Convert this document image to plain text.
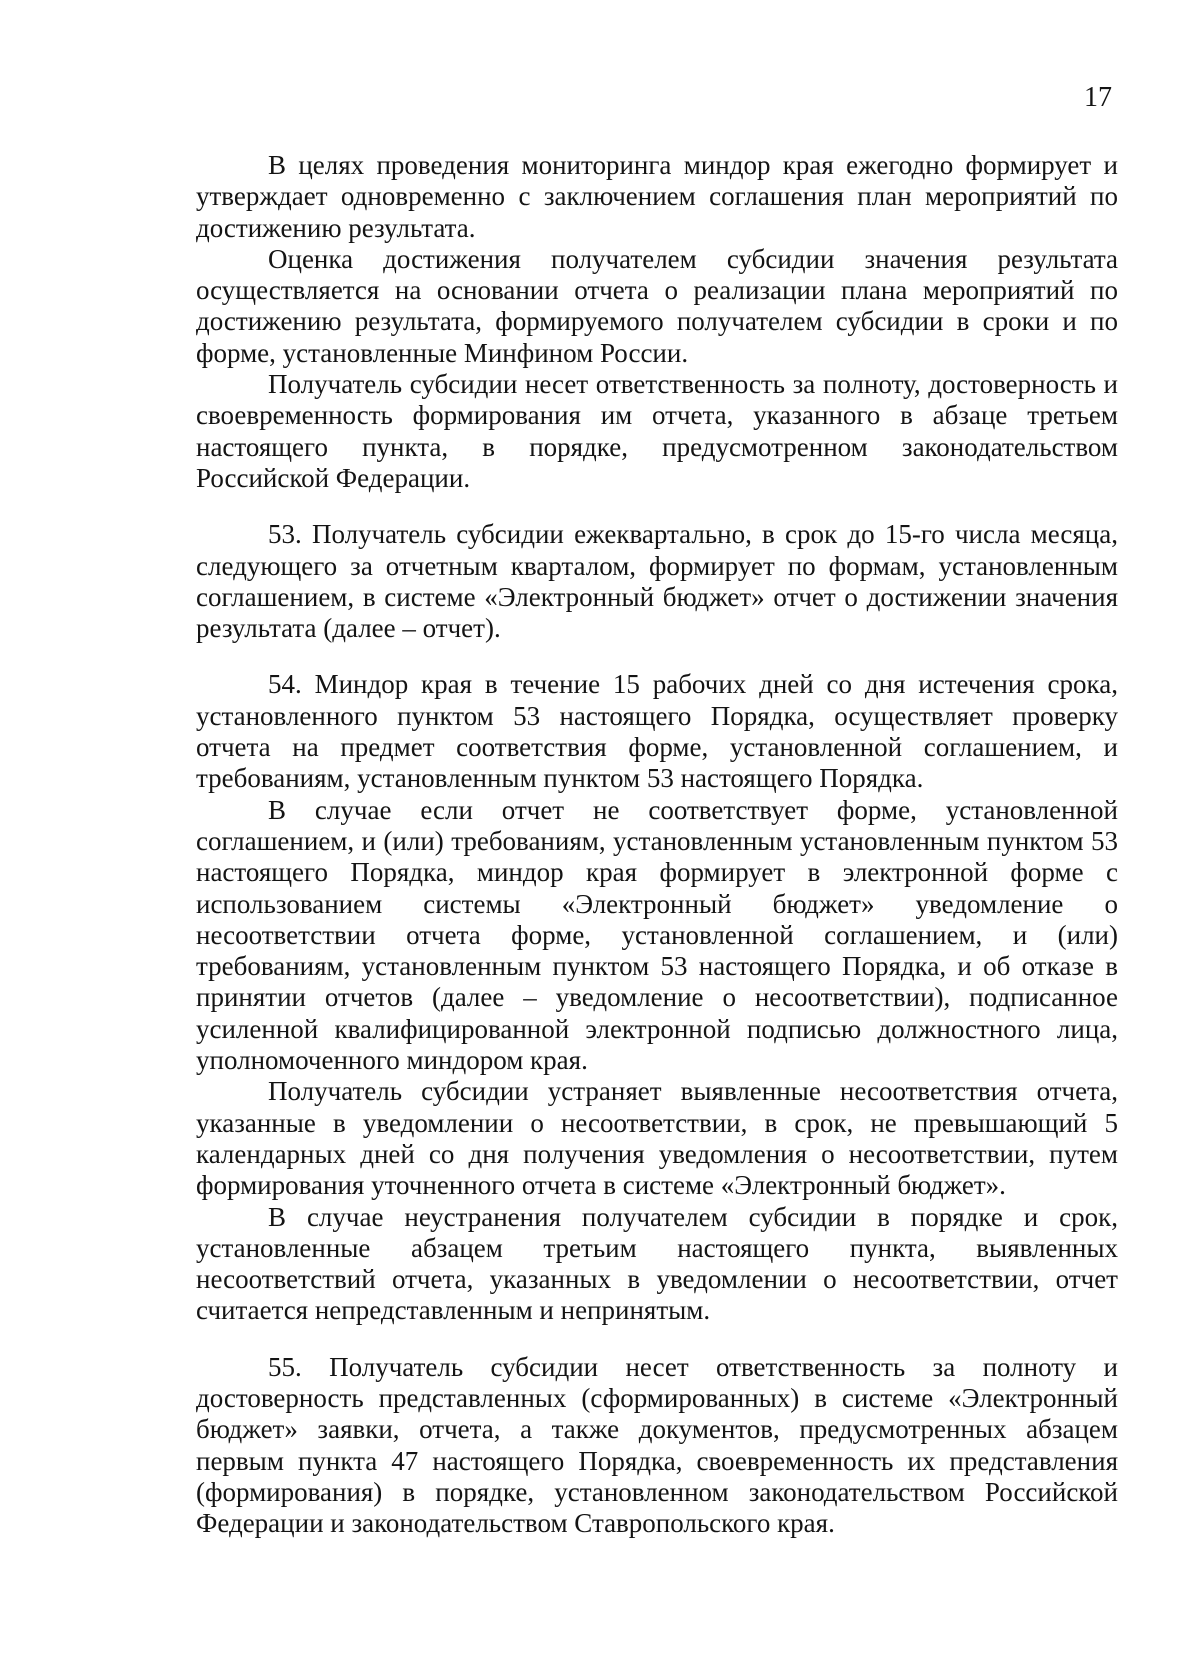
17

В целях проведения мониторинга миндор края ежегодно формирует и утверждает одновременно с заключением соглашения план мероприятий по достижению результата.

Оценка достижения получателем субсидии значения результата осуществляется на основании отчета о реализации плана мероприятий по достижению результата, формируемого получателем субсидии в сроки и по форме, установленные Минфином России.

Получатель субсидии несет ответственность за полноту, достоверность и своевременность формирования им отчета, указанного в абзаце третьем настоящего пункта, в порядке, предусмотренном законодательством Российской Федерации.

53. Получатель субсидии ежеквартально, в срок до 15-го числа месяца, следующего за отчетным кварталом, формирует по формам, установленным соглашением, в системе «Электронный бюджет» отчет о достижении значения результата (далее – отчет).

54. Миндор края в течение 15 рабочих дней со дня истечения срока, установленного пунктом 53 настоящего Порядка, осуществляет проверку отчета на предмет соответствия форме, установленной соглашением, и требованиям, установленным пунктом 53 настоящего Порядка.

В случае если отчет не соответствует форме, установленной соглашением, и (или) требованиям, установленным установленным пунктом 53 настоящего Порядка, миндор края формирует в электронной форме с использованием системы «Электронный бюджет» уведомление о несоответствии отчета форме, установленной соглашением, и (или) требованиям, установленным пунктом 53 настоящего Порядка, и об отказе в принятии отчетов (далее – уведомление о несоответствии), подписанное усиленной квалифицированной электронной подписью должностного лица, уполномоченного миндором края.

Получатель субсидии устраняет выявленные несоответствия отчета, указанные в уведомлении о несоответствии, в срок, не превышающий 5 календарных дней со дня получения уведомления о несоответствии, путем формирования уточненного отчета в системе «Электронный бюджет».

В случае неустранения получателем субсидии в порядке и срок, установленные абзацем третьим настоящего пункта, выявленных несоответствий отчета, указанных в уведомлении о несоответствии, отчет считается непредставленным и непринятым.

55. Получатель субсидии несет ответственность за полноту и достоверность представленных (сформированных) в системе «Электронный бюджет» заявки, отчета, а также документов, предусмотренных абзацем первым пункта 47 настоящего Порядка, своевременность их представления (формирования) в порядке, установленном законодательством Российской Федерации и законодательством Ставропольского края.
